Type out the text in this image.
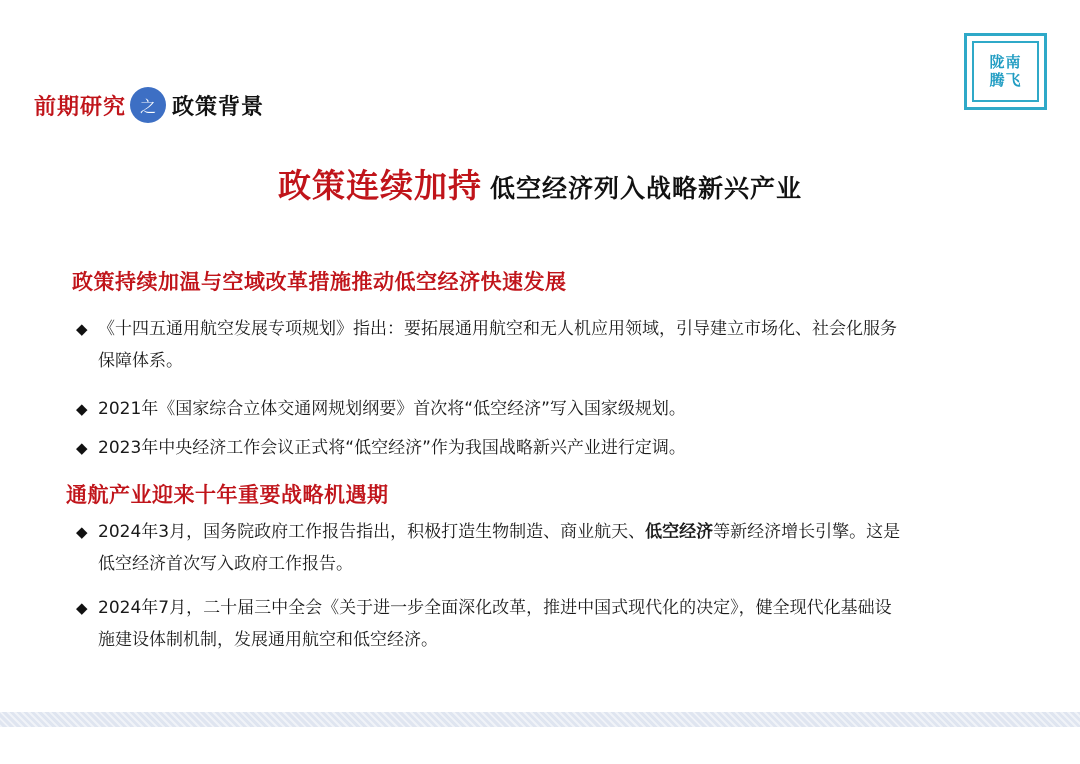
前期研究 之 政策背景
陇南
腾飞
政策连续加持 低空经济列入战略新兴产业
政策持续加温与空域改革措施推动低空经济快速发展
◆ 《十四五通用航空发展专项规划》指出：要拓展通用航空和无人机应用领域，引导建立市场化、社会化服务
保障体系。
◆ 2021年《国家综合立体交通网规划纲要》首次将“低空经济”写入国家级规划。
◆ 2023年中央经济工作会议正式将“低空经济”作为我国战略新兴产业进行定调。
通航产业迎来十年重要战略机遇期
◆ 2024年3月，国务院政府工作报告指出，积极打造生物制造、商业航天、低空经济等新经济增长引擎。这是
低空经济首次写入政府工作报告。
◆ 2024年7月，二十届三中全会《关于进一步全面深化改革，推进中国式现代化的决定》，健全现代化基础设
施建设体制机制，发展通用航空和低空经济。
